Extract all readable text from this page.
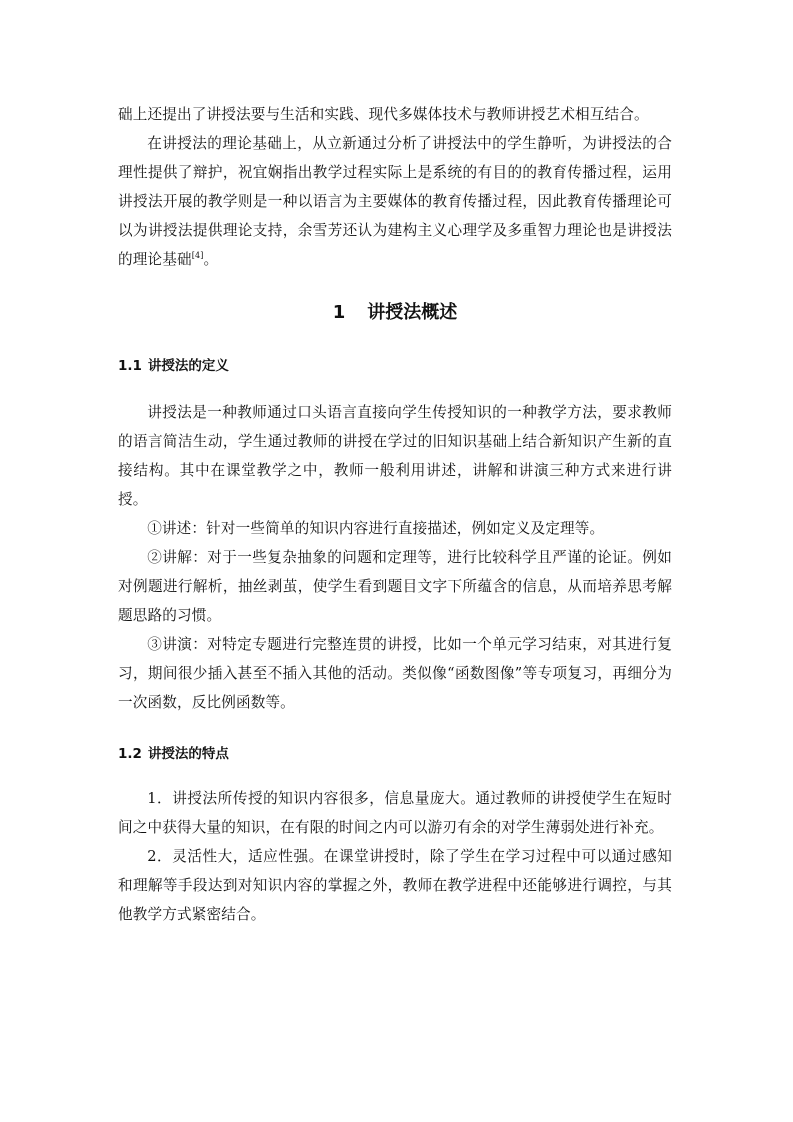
础上还提出了讲授法要与生活和实践、现代多媒体技术与教师讲授艺术相互结合。

在讲授法的理论基础上，从立新通过分析了讲授法中的学生静听，为讲授法的合理性提供了辩护，祝宜娴指出教学过程实际上是系统的有目的的教育传播过程，运用讲授法开展的教学则是一种以语言为主要媒体的教育传播过程，因此教育传播理论可以为讲授法提供理论支持，余雪芳还认为建构主义心理学及多重智力理论也是讲授法的理论基础[4]。

1 讲授法概述
1.1 讲授法的定义

讲授法是一种教师通过口头语言直接向学生传授知识的一种教学方法，要求教师的语言简洁生动，学生通过教师的讲授在学过的旧知识基础上结合新知识产生新的直接结构。其中在课堂教学之中，教师一般利用讲述，讲解和讲演三种方式来进行讲授。

①讲述：针对一些简单的知识内容进行直接描述，例如定义及定理等。

②讲解：对于一些复杂抽象的问题和定理等，进行比较科学且严谨的论证。例如对例题进行解析，抽丝剥茧，使学生看到题目文字下所蕴含的信息，从而培养思考解题思路的习惯。

③讲演：对特定专题进行完整连贯的讲授，比如一个单元学习结束，对其进行复习，期间很少插入甚至不插入其他的活动。类似像“函数图像”等专项复习，再细分为一次函数，反比例函数等。

1.2 讲授法的特点

1．讲授法所传授的知识内容很多，信息量庞大。通过教师的讲授使学生在短时间之中获得大量的知识，在有限的时间之内可以游刃有余的对学生薄弱处进行补充。

2．灵活性大，适应性强。在课堂讲授时，除了学生在学习过程中可以通过感知和理解等手段达到对知识内容的掌握之外，教师在教学进程中还能够进行调控，与其他教学方式紧密结合。
